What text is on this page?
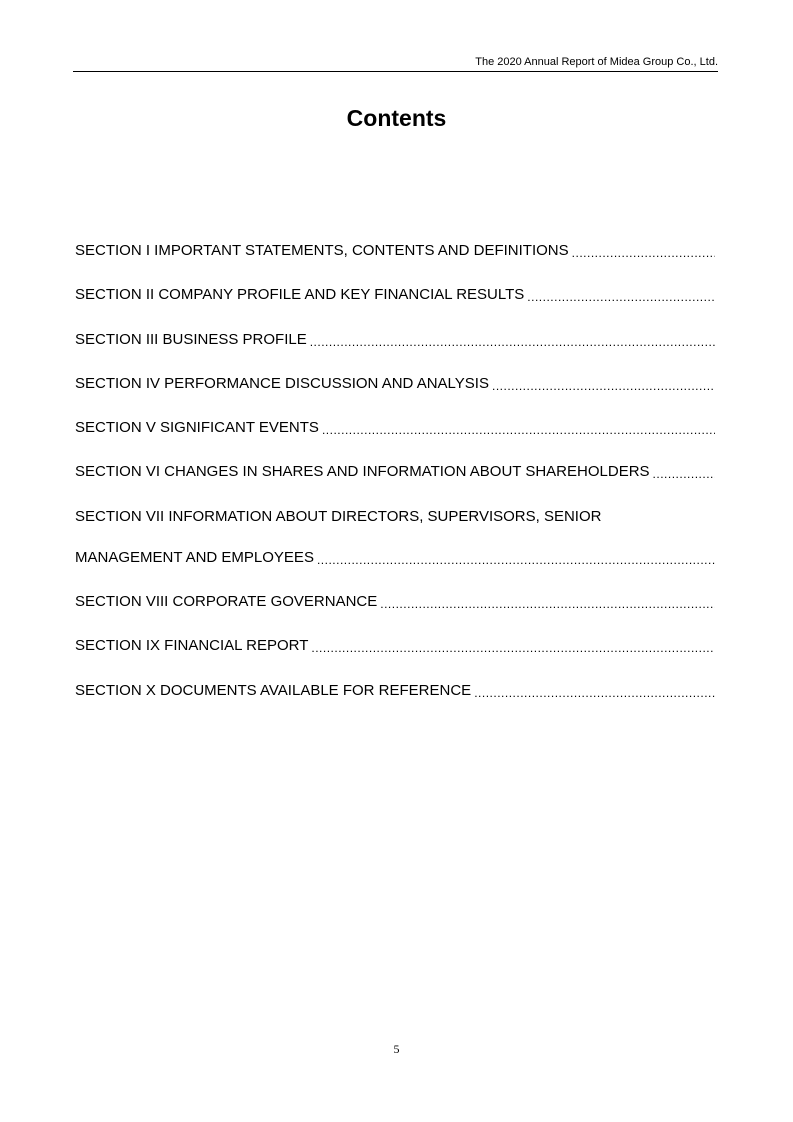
The 2020 Annual Report of Midea Group Co., Ltd.
Contents
SECTION I IMPORTANT STATEMENTS, CONTENTS AND DEFINITIONS
.....
SECTION II COMPANY PROFILE AND KEY FINANCIAL RESULTS
.....
SECTION III BUSINESS PROFILE
.....
SECTION IV PERFORMANCE DISCUSSION AND ANALYSIS
.....
SECTION V SIGNIFICANT EVENTS
.....
SECTION VI CHANGES IN SHARES AND INFORMATION ABOUT SHAREHOLDERS
.....
SECTION VII INFORMATION ABOUT DIRECTORS, SUPERVISORS, SENIOR
MANAGEMENT AND EMPLOYEES
.....
SECTION VIII CORPORATE GOVERNANCE
.....
SECTION IX FINANCIAL REPORT
.....
SECTION X DOCUMENTS AVAILABLE FOR REFERENCE
.....
5
